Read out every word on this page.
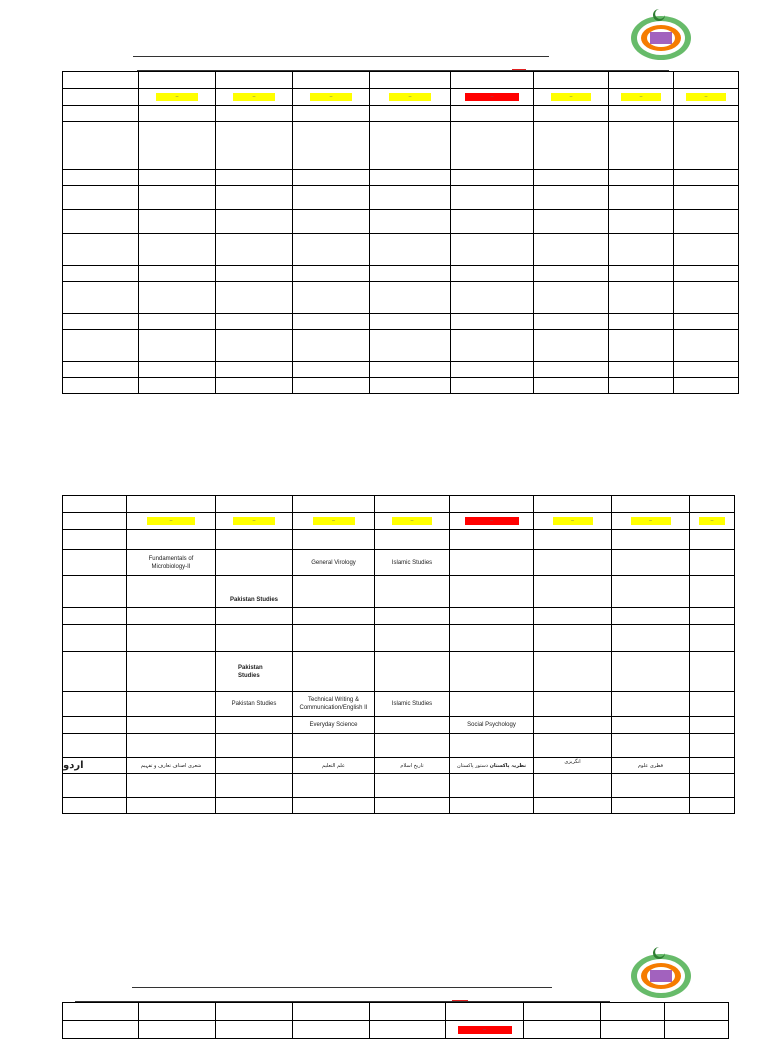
	–	–	–	–	–	–	–	–

	–	–	–	–	–	–	–	–

	Fundamentals of Microbiology-II		General Virology	Islamic Studies				
		Pakistan Studies						

		Pakistan Studies						
		Pakistan Studies	Technical Writing & Communication/English II	Islamic Studies				
			Everyday Science		Social Psychology			

اردو	شعری اصناف تعارف و تفہیم		علم التعلیم	تاریخ اسلام	نظریہ پاکستان دستور پاکستان	انگریزی	فطری علوم	

					–			
